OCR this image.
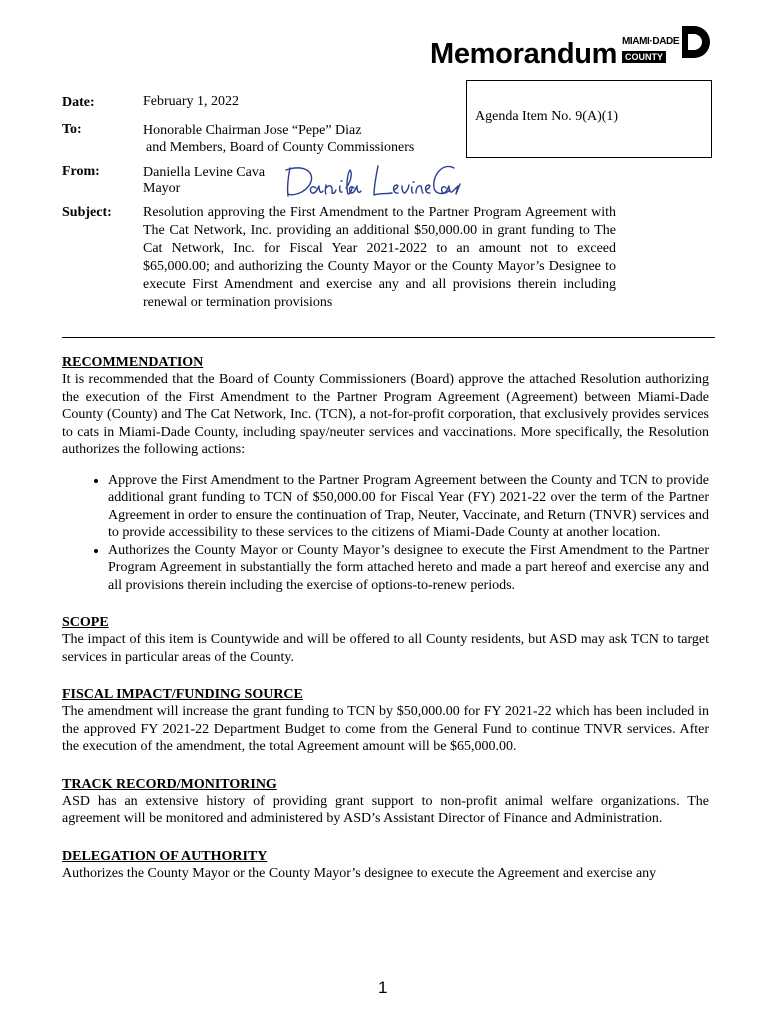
Memorandum MIAMI·DADE
COUNTY
Date:	February 1, 2022
To:	Honorable Chairman Jose “Pepe” Diaz
and Members, Board of County Commissioners
From:	Daniella Levine Cava
Mayor
Agenda Item No. 9(A)(1)
Subject: Resolution approving the First Amendment to the Partner Program Agreement with The Cat Network, Inc. providing an additional $50,000.00 in grant funding to The Cat Network, Inc. for Fiscal Year 2021-2022 to an amount not to exceed $65,000.00; and authorizing the County Mayor or the County Mayor’s Designee to execute First Amendment and exercise any and all provisions therein including renewal or termination provisions
RECOMMENDATION

It is recommended that the Board of County Commissioners (Board) approve the attached Resolution authorizing the execution of the First Amendment to the Partner Program Agreement (Agreement) between Miami-Dade County (County) and The Cat Network, Inc. (TCN), a not-for-profit corporation, that exclusively provides services to cats in Miami-Dade County, including spay/neuter services and vaccinations. More specifically, the Resolution authorizes the following actions:

• Approve the First Amendment to the Partner Program Agreement between the County and TCN to provide additional grant funding to TCN of $50,000.00 for Fiscal Year (FY) 2021-22 over the term of the Partner Agreement in order to ensure the continuation of Trap, Neuter, Vaccinate, and Return (TNVR) services and to provide accessibility to these services to the citizens of Miami-Dade County at another location.
• Authorizes the County Mayor or County Mayor’s designee to execute the First Amendment to the Partner Program Agreement in substantially the form attached hereto and made a part hereof and exercise any and all provisions therein including the exercise of options-to-renew periods.
SCOPE

The impact of this item is Countywide and will be offered to all County residents, but ASD may ask TCN to target services in particular areas of the County.

FISCAL IMPACT/FUNDING SOURCE

The amendment will increase the grant funding to TCN by $50,000.00 for FY 2021-22 which has been included in the approved FY 2021-22 Department Budget to come from the General Fund to continue TNVR services. After the execution of the amendment, the total Agreement amount will be $65,000.00.

TRACK RECORD/MONITORING

ASD has an extensive history of providing grant support to non-profit animal welfare organizations. The agreement will be monitored and administered by ASD’s Assistant Director of Finance and Administration.

DELEGATION OF AUTHORITY

Authorizes the County Mayor or the County Mayor’s designee to execute the Agreement and exercise any

1
